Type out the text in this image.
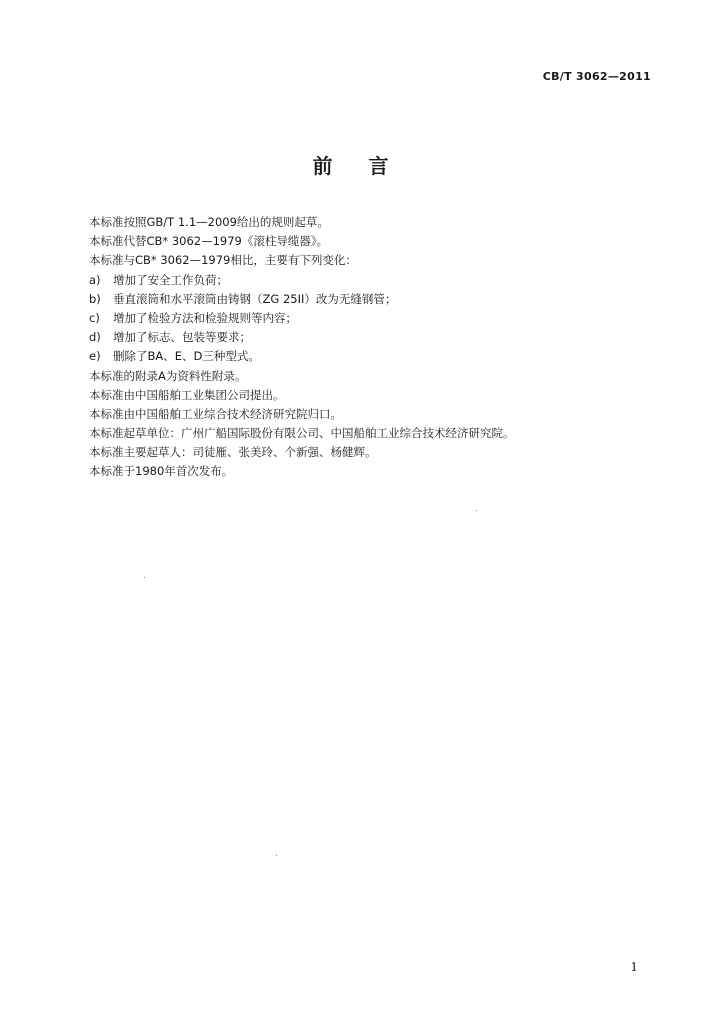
CB/T 3062—2011
前言
本标准按照GB/T 1.1—2009给出的规则起草。
本标准代替CB* 3062—1979《滚柱导缆器》。
本标准与CB* 3062—1979相比，主要有下列变化：
a)	增加了安全工作负荷；
b)	垂直滚筒和水平滚筒由铸钢（ZG 25II）改为无缝钢管；
c)	增加了检验方法和检验规则等内容；
d)	增加了标志、包装等要求；
e)	删除了BA、E、D三种型式。
本标准的附录A为资料性附录。
本标准由中国船舶工业集团公司提出。
本标准由中国船舶工业综合技术经济研究院归口。
本标准起草单位：广州广船国际股份有限公司、中国船舶工业综合技术经济研究院。
本标准主要起草人：司徒雁、张美玲、个新强、杨健辉。
本标准于1980年首次发布。
1
